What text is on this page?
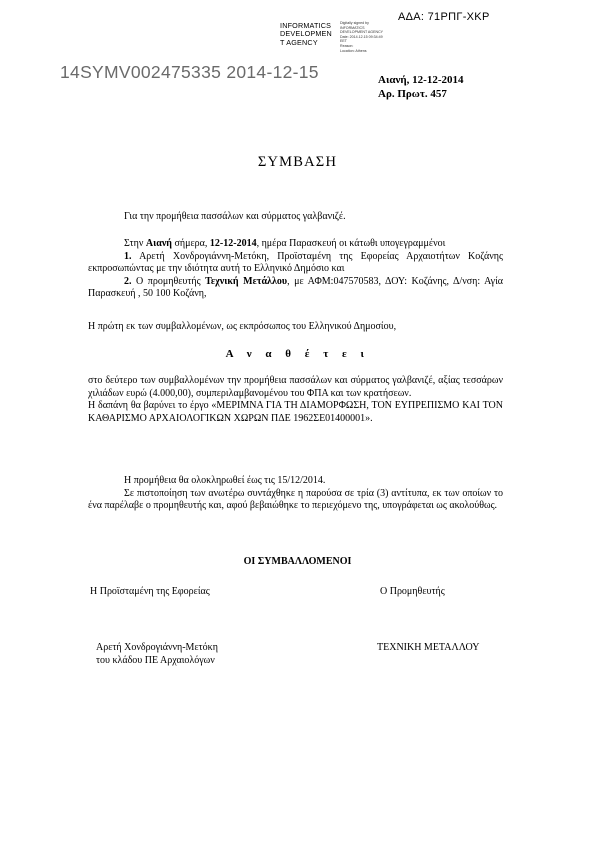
ΑΔΑ: 71ΡΠΓ-ΧΚΡ
INFORMATICS
DEVELOPMEN
T AGENCY
Digitally signed by
INFORMATICS
DEVELOPMENT AGENCY
Date: 2014.12.15 09:34:49
EET
Reason:
Location: Athens
14SYMV002475335 2014-12-15	Αιανή, 12-12-2014
Αρ. Πρωτ. 457
ΣΥΜΒΑΣΗ
Για την προμήθεια πασσάλων και σύρματος γαλβανιζέ.
Στην Αιανή σήμερα, 12-12-2014, ημέρα Παρασκευή οι κάτωθι υπογεγραμμένοι
1. Αρετή Χονδρογιάννη-Μετόκη, Προϊσταμένη της Εφορείας Αρχαιοτήτων Κοζάνης εκπροσωπώντας με την ιδιότητα αυτή το Ελληνικό Δημόσιο και
2. Ο προμηθευτής Τεχνική Μετάλλου, με ΑΦΜ:047570583, ΔΟΥ: Κοζάνης, Δ/νση: Αγία Παρασκευή , 50 100 Κοζάνη,
Η πρώτη εκ των συμβαλλομένων, ως εκπρόσωπος του Ελληνικού Δημοσίου,
Α ν α θ έ τ ε ι
στο δεύτερο των συμβαλλομένων την προμήθεια πασσάλων και σύρματος γαλβανιζέ, αξίας τεσσάρων χιλιάδων ευρώ (4.000,00), συμπεριλαμβανομένου του ΦΠΑ και των κρατήσεων.
Η δαπάνη θα βαρύνει το έργο «ΜΕΡΙΜΝΑ ΓΙΑ ΤΗ ΔΙΑΜΟΡΦΩΣΗ, ΤΟΝ ΕΥΠΡΕΠΙΣΜΟ ΚΑΙ ΤΟΝ ΚΑΘΑΡΙΣΜΟ ΑΡΧΑΙΟΛΟΓΙΚΩΝ ΧΩΡΩΝ ΠΔΕ 1962ΣΕ01400001».
Η προμήθεια θα ολοκληρωθεί έως τις 15/12/2014.
Σε πιστοποίηση των ανωτέρω συντάχθηκε η παρούσα σε τρία (3) αντίτυπα, εκ των οποίων το ένα παρέλαβε ο προμηθευτής και, αφού βεβαιώθηκε το περιεχόμενο της, υπογράφεται ως ακολούθως.
ΟΙ ΣΥΜΒΑΛΛΟΜΕΝΟΙ
Η Προϊσταμένη της Εφορείας	Ο Προμηθευτής
Αρετή Χονδρογιάννη-Μετόκη
του κλάδου ΠΕ Αρχαιολόγων
ΤΕΧΝΙΚΗ ΜΕΤΑΛΛΟΥ
